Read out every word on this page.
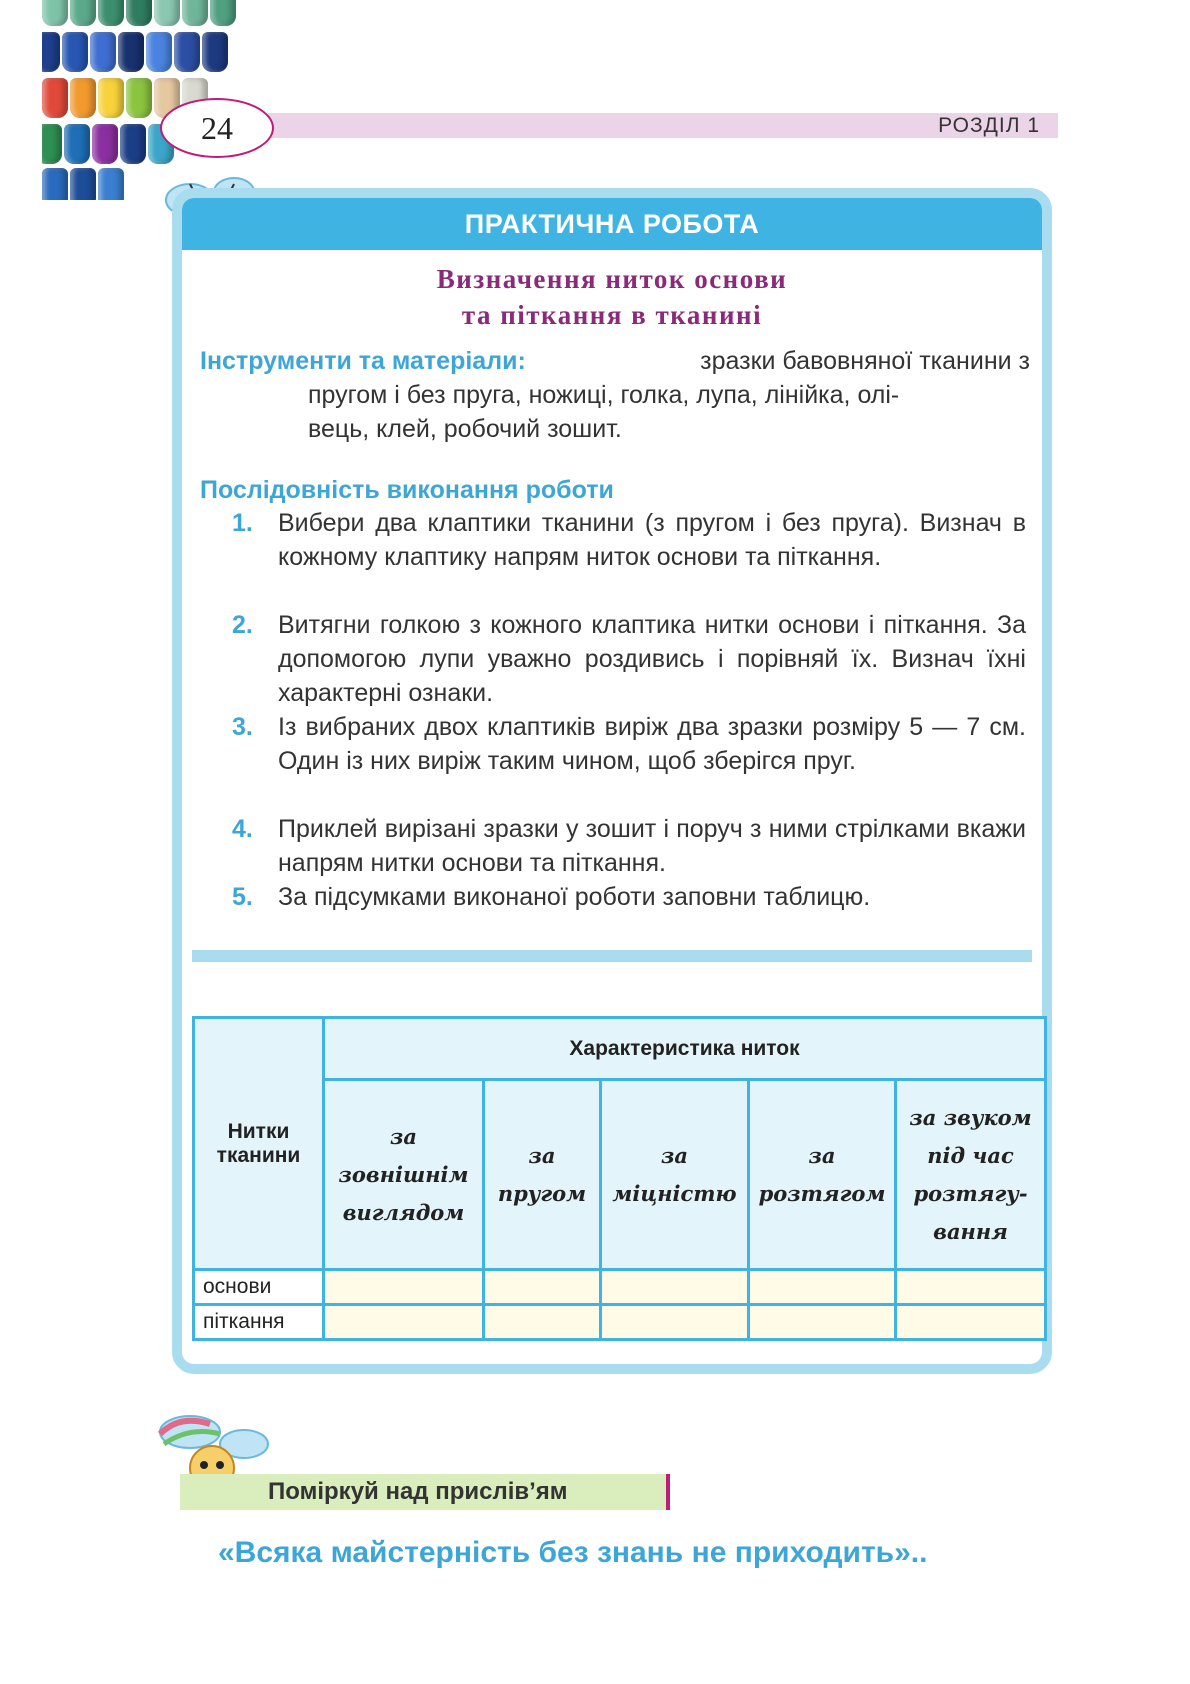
24	РОЗДІЛ 1
ПРАКТИЧНА РОБОТА
Визначення ниток основи
та піткання в тканині
Інструменти та матеріали:	зразки бавовняної тканини з
пругом і без пруга, ножиці, голка, лупа, лінійка, олі-
вець, клей, робочий зошит.
Послідовність виконання роботи
1. Вибери два клаптики тканини (з пругом і без пруга). Визнач в кожному клаптику напрям ниток основи та піткання.
2. Витягни голкою з кожного клаптика нитки основи і піткання. За допомогою лупи уважно роздивись і порівняй їх. Визнач їхні характерні ознаки.
3. Із вибраних двох клаптиків виріж два зразки розміру 5 — 7 см. Один із них виріж таким чином, щоб зберігся пруг.
4. Приклей вирізані зразки у зошит і поруч з ними стрілками вкажи напрям нитки основи та піткання.
5. За підсумками виконаної роботи заповни таблицю.
Нитки тканини	Характеристика ниток				
	за зовнішнім виглядом	за пругом	за міцністю	за розтягом	за звуком під час розтягу-вання
основи					
піткання					
Поміркуй над прислів’ям
«Всяка майстерність без знань не приходить»..
